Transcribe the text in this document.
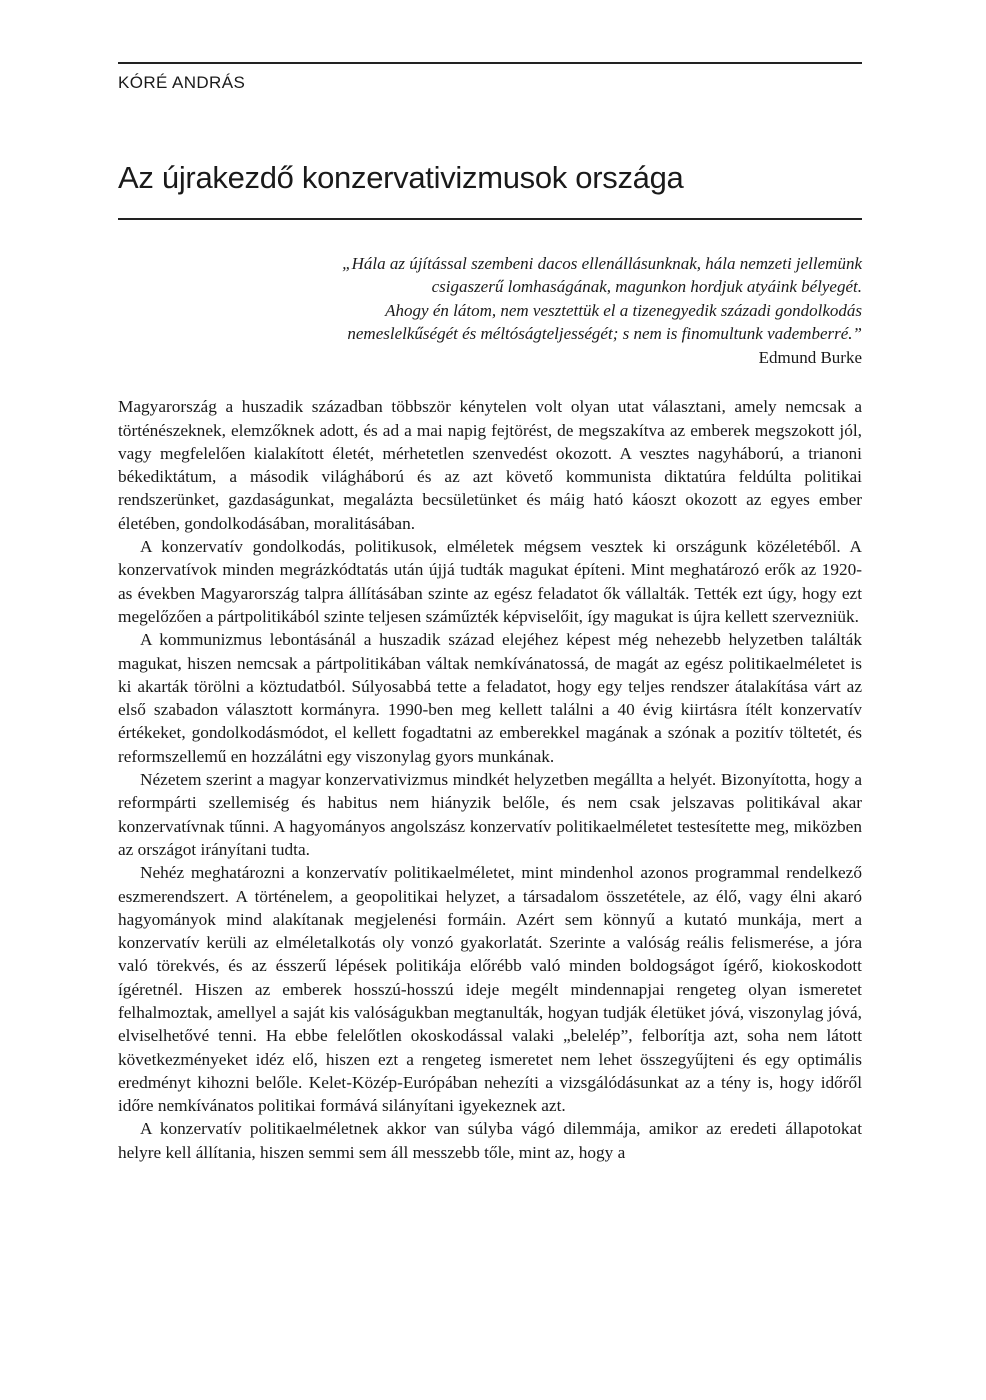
KÓRÉ ANDRÁS
Az újrakezdő konzervativizmusok országa
„Hála az újítással szembeni dacos ellenállásunknak, hála nemzeti jellemünk
csigaszerű lomhaságának, magunkon hordjuk atyáink bélyegét.
Ahogy én látom, nem vesztettük el a tizenegyedik századi gondolkodás
nemeslelkűségét és méltóságteljességét; s nem is finomultunk vademberré.”
Edmund Burke

Magyarország a huszadik században többször kénytelen volt olyan utat választani, amely nemcsak a történészeknek, elemzőknek adott, és ad a mai napig fejtörést, de megszakítva az emberek megszokott jól, vagy megfelelően kialakított életét, mérhetetlen szenvedést okozott. A vesztes nagyháború, a trianoni békediktátum, a második világháború és az azt követő kommunista diktatúra feldúlta politikai rendszerünket, gazdaságunkat, megalázta becsületünket és máig ható káoszt okozott az egyes ember életében, gondolkodásában, moralitásában.

A konzervatív gondolkodás, politikusok, elméletek mégsem vesztek ki országunk közéletéből. A konzervatívok minden megrázkódtatás után újjá tudták magukat építeni. Mint meghatározó erők az 1920-as években Magyarország talpra állításában szinte az egész feladatot ők vállalták. Tették ezt úgy, hogy ezt megelőzően a pártpolitikából szinte teljesen száműzték képviselőit, így magukat is újra kellett szervezniük.

A kommunizmus lebontásánál a huszadik század elejéhez képest még nehezebb helyzetben találták magukat, hiszen nemcsak a pártpolitikában váltak nemkívánatossá, de magát az egész politikaelméletet is ki akarták törölni a köztudatból. Súlyosabbá tette a feladatot, hogy egy teljes rendszer átalakítása várt az első szabadon választott kormányra. 1990-ben meg kellett találni a 40 évig kiirtásra ítélt konzervatív értékeket, gondolkodásmódot, el kellett fogadtatni az emberekkel magának a szónak a pozitív töltetét, és reformszellemű en hozzálátni egy viszonylag gyors munkának.

Nézetem szerint a magyar konzervativizmus mindkét helyzetben megállta a helyét. Bizonyította, hogy a reformpárti szellemiség és habitus nem hiányzik belőle, és nem csak jelszavas politikával akar konzervatívnak tűnni. A hagyományos angolszász konzervatív politikaelméletet testesítette meg, miközben az országot irányítani tudta.

Nehéz meghatározni a konzervatív politikaelméletet, mint mindenhol azonos programmal rendelkező eszmerendszert. A történelem, a geopolitikai helyzet, a társadalom összetétele, az élő, vagy élni akaró hagyományok mind alakítanak megjelenési formáin. Azért sem könnyű a kutató munkája, mert a konzervatív kerüli az elméletalkotás oly vonzó gyakorlatát. Szerinte a valóság reális felismerése, a jóra való törekvés, és az ésszerű lépések politikája előrébb való minden boldogságot ígérő, kiokoskodott ígéretnél. Hiszen az emberek hosszú-hosszú ideje megélt mindennapjai rengeteg olyan ismeretet felhalmoztak, amellyel a saját kis valóságukban megtanulták, hogyan tudják életüket jóvá, viszonylag jóvá, elviselhetővé tenni. Ha ebbe felelőtlen okoskodással valaki „belelép”, felborítja azt, soha nem látott következményeket idéz elő, hiszen ezt a rengeteg ismeretet nem lehet összegyűjteni és egy optimális eredményt kihozni belőle. Kelet-Közép-Európában nehezíti a vizsgálódásunkat az a tény is, hogy időről időre nemkívánatos politikai formává silányítani igyekeznek azt.

A konzervatív politikaelméletnek akkor van súlyba vágó dilemmája, amikor az eredeti állapotokat helyre kell állítania, hiszen semmi sem áll messzebb tőle, mint az, hogy a
